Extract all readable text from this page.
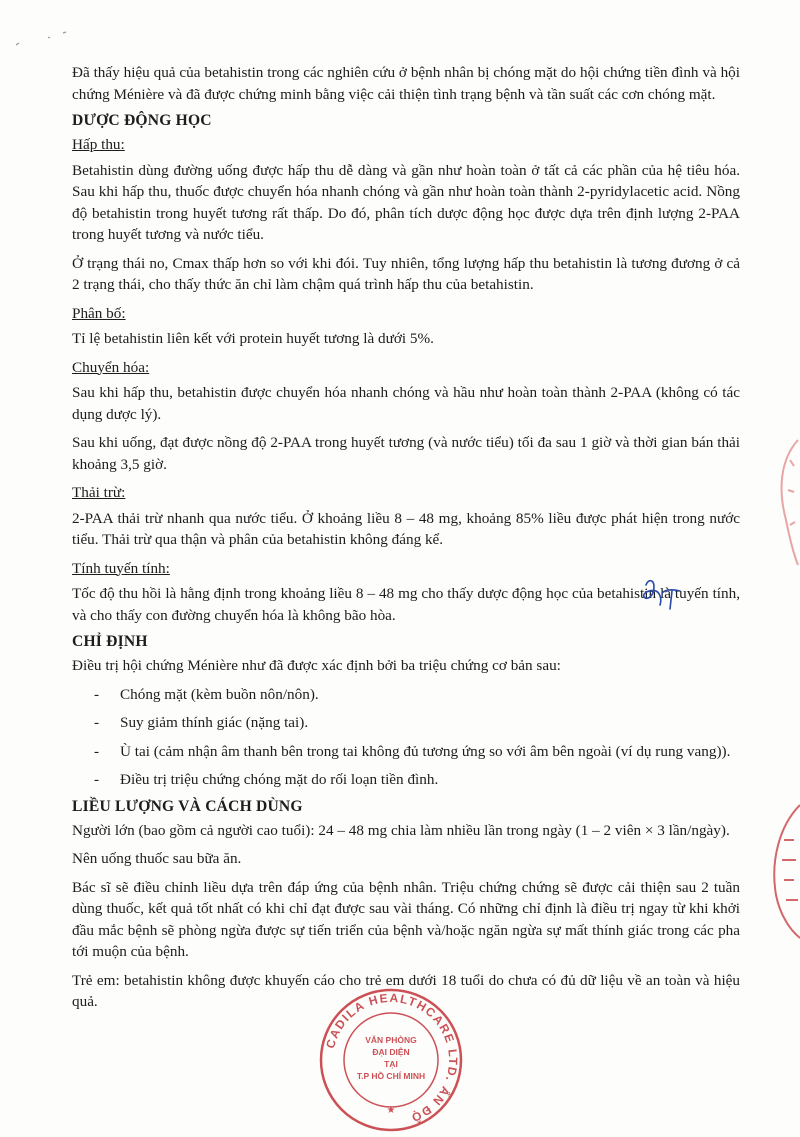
Đã thấy hiệu quả của betahistin trong các nghiên cứu ở bệnh nhân bị chóng mặt do hội chứng tiền đình và hội chứng Ménière và đã được chứng minh bằng việc cải thiện tình trạng bệnh và tần suất các cơn chóng mặt.

DƯỢC ĐỘNG HỌC

Hấp thu:

Betahistin dùng đường uống được hấp thu dễ dàng và gần như hoàn toàn ở tất cả các phần của hệ tiêu hóa. Sau khi hấp thu, thuốc được chuyển hóa nhanh chóng và gần như hoàn toàn thành 2-pyridylacetic acid. Nồng độ betahistin trong huyết tương rất thấp. Do đó, phân tích dược động học được dựa trên định lượng 2-PAA trong huyết tương và nước tiểu.

Ở trạng thái no, Cmax thấp hơn so với khi đói. Tuy nhiên, tổng lượng hấp thu betahistin là tương đương ở cả 2 trạng thái, cho thấy thức ăn chỉ làm chậm quá trình hấp thu của betahistin.

Phân bố:

Tỉ lệ betahistin liên kết với protein huyết tương là dưới 5%.

Chuyển hóa:

Sau khi hấp thu, betahistin được chuyển hóa nhanh chóng và hầu như hoàn toàn thành 2-PAA (không có tác dụng dược lý).

Sau khi uống, đạt được nồng độ 2-PAA trong huyết tương (và nước tiểu) tối đa sau 1 giờ và thời gian bán thải khoảng 3,5 giờ.

Thải trừ:

2-PAA thải trừ nhanh qua nước tiểu. Ở khoảng liều 8 – 48 mg, khoảng 85% liều được phát hiện trong nước tiểu. Thải trừ qua thận và phân của betahistin không đáng kể.

Tính tuyến tính:

Tốc độ thu hồi là hằng định trong khoảng liều 8 – 48 mg cho thấy dược động học của betahistin là tuyến tính, và cho thấy con đường chuyển hóa là không bão hòa.

CHỈ ĐỊNH

Điều trị hội chứng Ménière như đã được xác định bởi ba triệu chứng cơ bản sau:

- Chóng mặt (kèm buồn nôn/nôn).
- Suy giảm thính giác (nặng tai).
- Ù tai (cảm nhận âm thanh bên trong tai không đủ tương ứng so với âm bên ngoài (ví dụ rung vang)).
- Điều trị triệu chứng chóng mặt do rối loạn tiền đình.
LIỀU LƯỢNG VÀ CÁCH DÙNG

Người lớn (bao gồm cả người cao tuổi): 24 – 48 mg chia làm nhiều lần trong ngày (1 – 2 viên × 3 lần/ngày).

Nên uống thuốc sau bữa ăn.

Bác sĩ sẽ điều chỉnh liều dựa trên đáp ứng của bệnh nhân. Triệu chứng chứng sẽ được cải thiện sau 2 tuần dùng thuốc, kết quả tốt nhất có khi chỉ đạt được sau vài tháng. Có những chỉ định là điều trị ngay từ khi khởi đầu mắc bệnh sẽ phòng ngừa được sự tiến triển của bệnh và/hoặc ngăn ngừa sự mất thính giác trong các pha tới muộn của bệnh.

Trẻ em: betahistin không được khuyến cáo cho trẻ em dưới 18 tuổi do chưa có đủ dữ liệu về an toàn và hiệu quả.

CADILA HEALTHCARE LTD. ẤN ĐỘ
VĂN PHÒNG
ĐẠI DIỆN
TẠI
T.P HỒ CHÍ MINH
★
